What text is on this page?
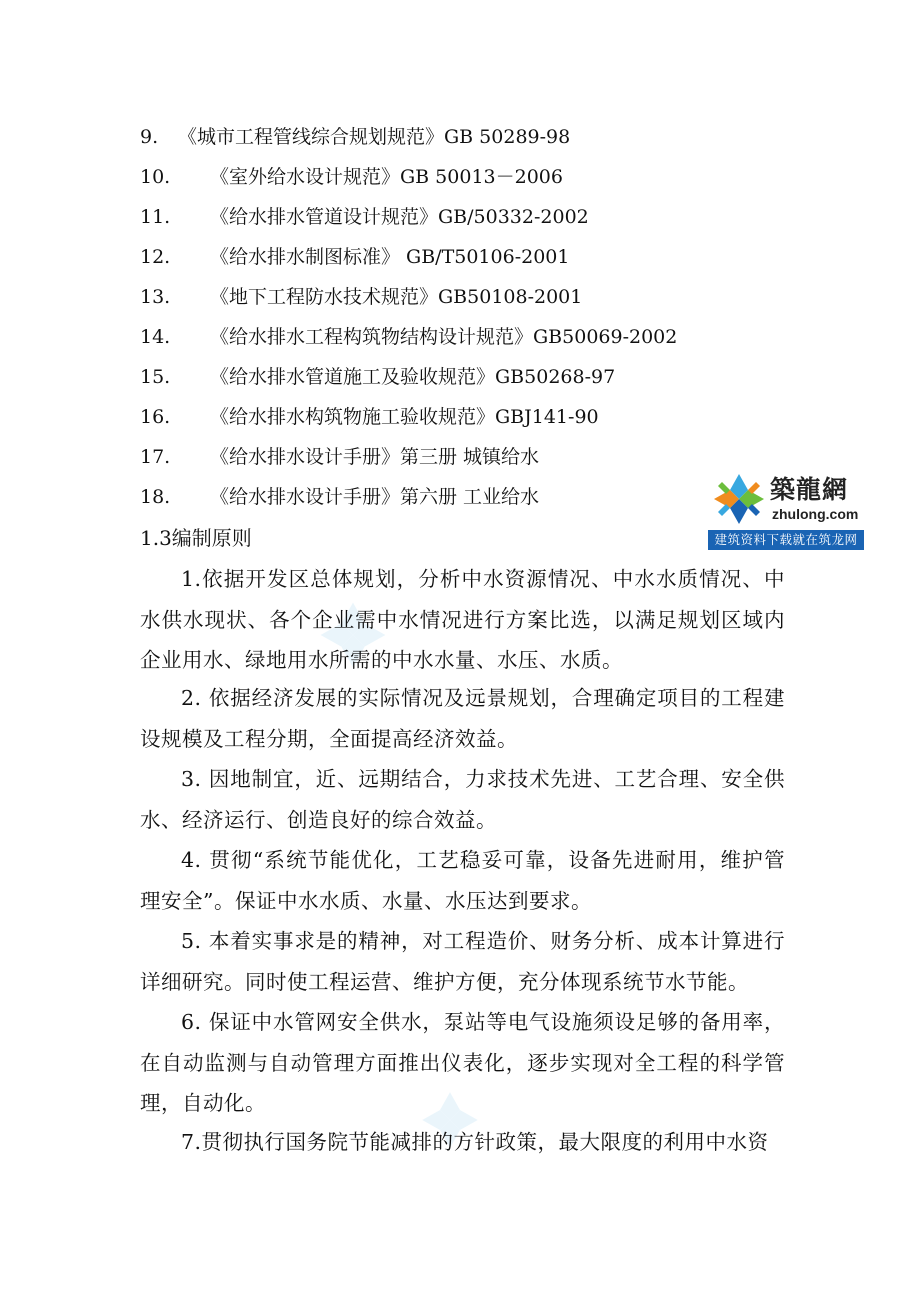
9. 《城市工程管线综合规划规范》GB 50289-98
10. 《室外给水设计规范》GB 50013－2006
11. 《给水排水管道设计规范》GB/50332-2002
12. 《给水排水制图标准》 GB/T50106-2001
13. 《地下工程防水技术规范》GB50108-2001
14. 《给水排水工程构筑物结构设计规范》GB50069-2002
15. 《给水排水管道施工及验收规范》GB50268-97
16. 《给水排水构筑物施工验收规范》GBJ141-90
17. 《给水排水设计手册》第三册 城镇给水
18. 《给水排水设计手册》第六册 工业给水	築龍網
zhulong.com
建筑资料下载就在筑龙网
1.3编制原则

1.依据开发区总体规划，分析中水资源情况、中水水质情况、中水供水现状、各个企业需中水情况进行方案比选，以满足规划区域内企业用水、绿地用水所需的中水水量、水压、水质。

2. 依据经济发展的实际情况及远景规划，合理确定项目的工程建设规模及工程分期，全面提高经济效益。

3. 因地制宜，近、远期结合，力求技术先进、工艺合理、安全供水、经济运行、创造良好的综合效益。

4. 贯彻“系统节能优化，工艺稳妥可靠，设备先进耐用，维护管理安全”。保证中水水质、水量、水压达到要求。

5. 本着实事求是的精神，对工程造价、财务分析、成本计算进行详细研究。同时使工程运营、维护方便，充分体现系统节水节能。

6. 保证中水管网安全供水，泵站等电气设施须设足够的备用率，在自动监测与自动管理方面推出仪表化，逐步实现对全工程的科学管理，自动化。

7.贯彻执行国务院节能减排的方针政策，最大限度的利用中水资
